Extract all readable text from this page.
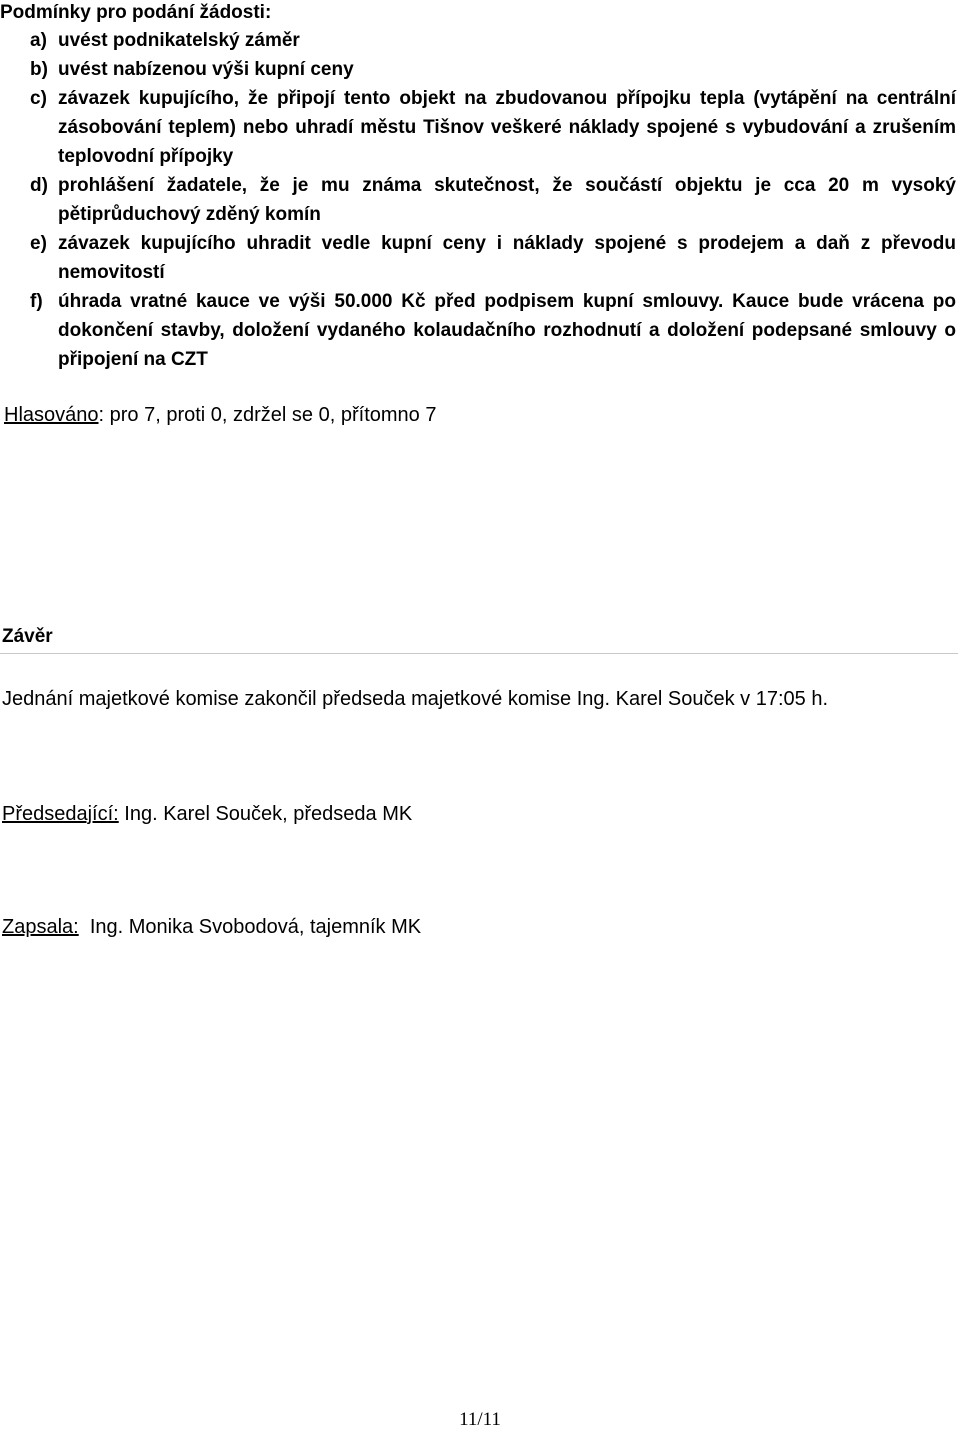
Podmínky pro podání žádosti:
a) uvést podnikatelský záměr
b) uvést nabízenou výši kupní ceny
c) závazek kupujícího, že připojí tento objekt na zbudovanou přípojku tepla (vytápění na centrální zásobování teplem) nebo uhradí městu Tišnov veškeré náklady spojené s vybudování a zrušením teplovodní přípojky
d) prohlášení žadatele, že je mu známa skutečnost, že součástí objektu je cca 20 m vysoký pětiprůduchový zděný komín
e) závazek kupujícího uhradit vedle kupní ceny i náklady spojené s prodejem a daň z převodu nemovitostí
f) úhrada vratné kauce ve výši 50.000 Kč před podpisem kupní smlouvy. Kauce bude vrácena po dokončení stavby, doložení vydaného kolaudačního rozhodnutí a doložení podepsané smlouvy o připojení na CZT
Hlasováno: pro 7, proti 0, zdržel se 0, přítomno 7
Závěr
Jednání majetkové komise zakončil předseda majetkové komise Ing. Karel Souček v 17:05 h.
Předsedající: Ing. Karel Souček, předseda MK
Zapsala:  Ing. Monika Svobodová, tajemník MK
11/11
